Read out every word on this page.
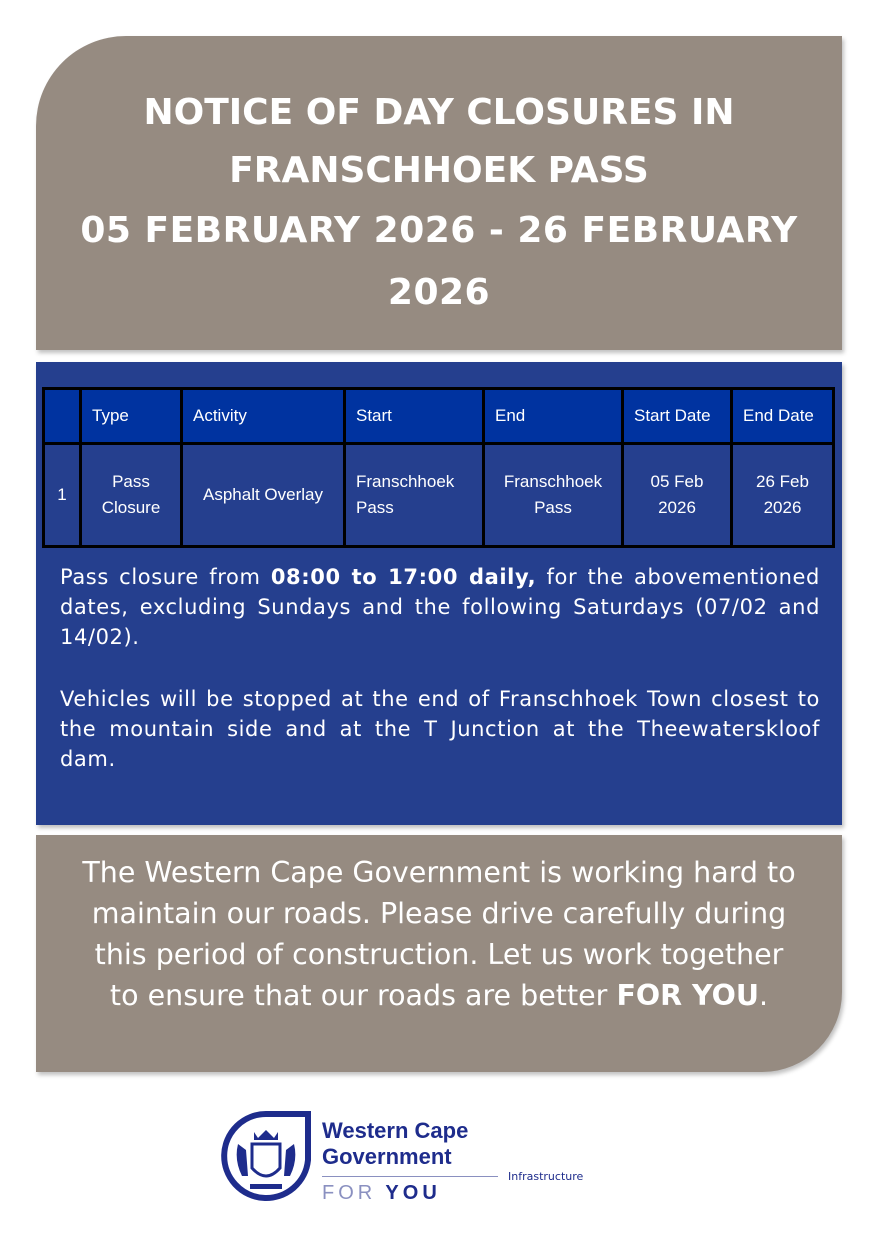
NOTICE OF DAY CLOSURES IN
FRANSCHHOEK PASS
05 FEBRUARY 2026 - 26 FEBRUARY 2026
	Type	Activity	Start	End	Start Date	End Date
1	Pass Closure	Asphalt Overlay	Franschhoek Pass	Franschhoek Pass	05 Feb 2026	26 Feb 2026
Pass closure from 08:00 to 17:00 daily, for the abovementioned dates, excluding Sundays and the following Saturdays (07/02 and 14/02).
Vehicles will be stopped at the end of Franschhoek Town closest to the mountain side and at the T Junction at the Theewaterskloof dam.
The Western Cape Government is working hard to maintain our roads. Please drive carefully during this period of construction. Let us work together to ensure that our roads are better FOR YOU.
Western Cape
Government
Infrastructure
FOR YOU
